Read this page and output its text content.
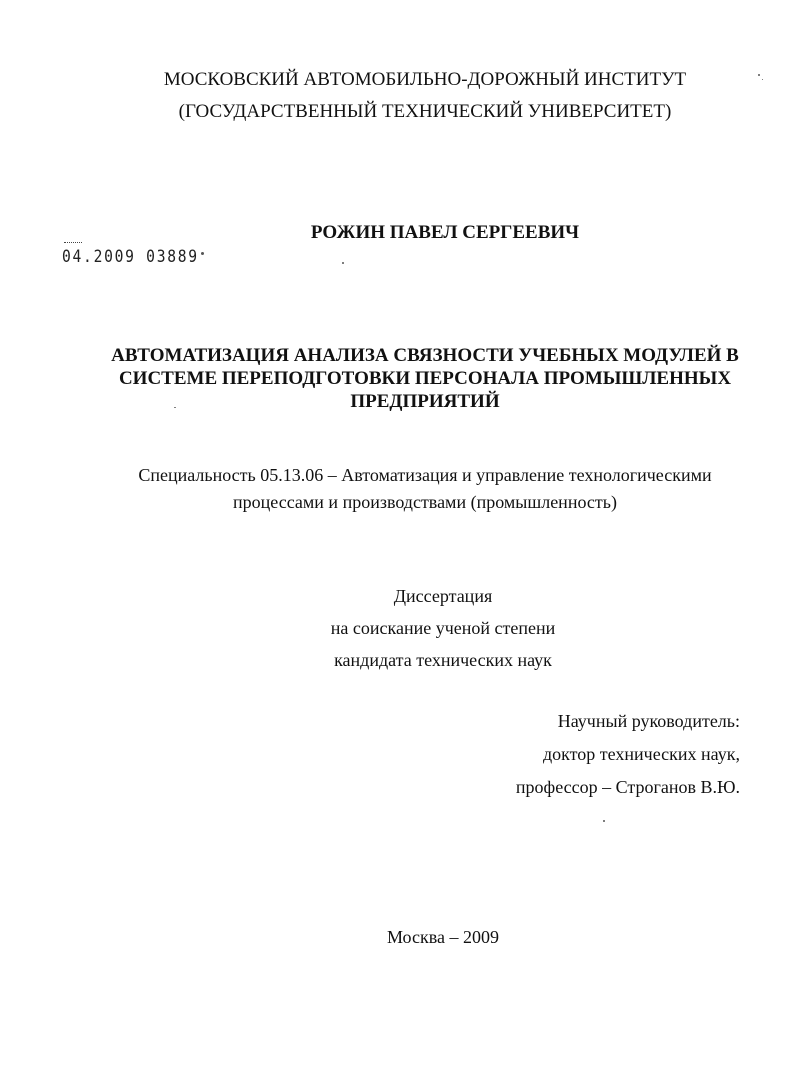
МОСКОВСКИЙ АВТОМОБИЛЬНО-ДОРОЖНЫЙ ИНСТИТУТ
(ГОСУДАРСТВЕННЫЙ ТЕХНИЧЕСКИЙ УНИВЕРСИТЕТ)
РОЖИН ПАВЕЛ СЕРГЕЕВИЧ
04.2009 03889
АВТОМАТИЗАЦИЯ АНАЛИЗА СВЯЗНОСТИ УЧЕБНЫХ МОДУЛЕЙ В
СИСТЕМЕ ПЕРЕПОДГОТОВКИ ПЕРСОНАЛА ПРОМЫШЛЕННЫХ
ПРЕДПРИЯТИЙ
Специальность 05.13.06 – Автоматизация и управление технологическими
процессами и производствами (промышленность)
Диссертация
на соискание ученой степени
кандидата технических наук
Научный руководитель:
доктор технических наук,
профессор – Строганов В.Ю.
Москва – 2009
